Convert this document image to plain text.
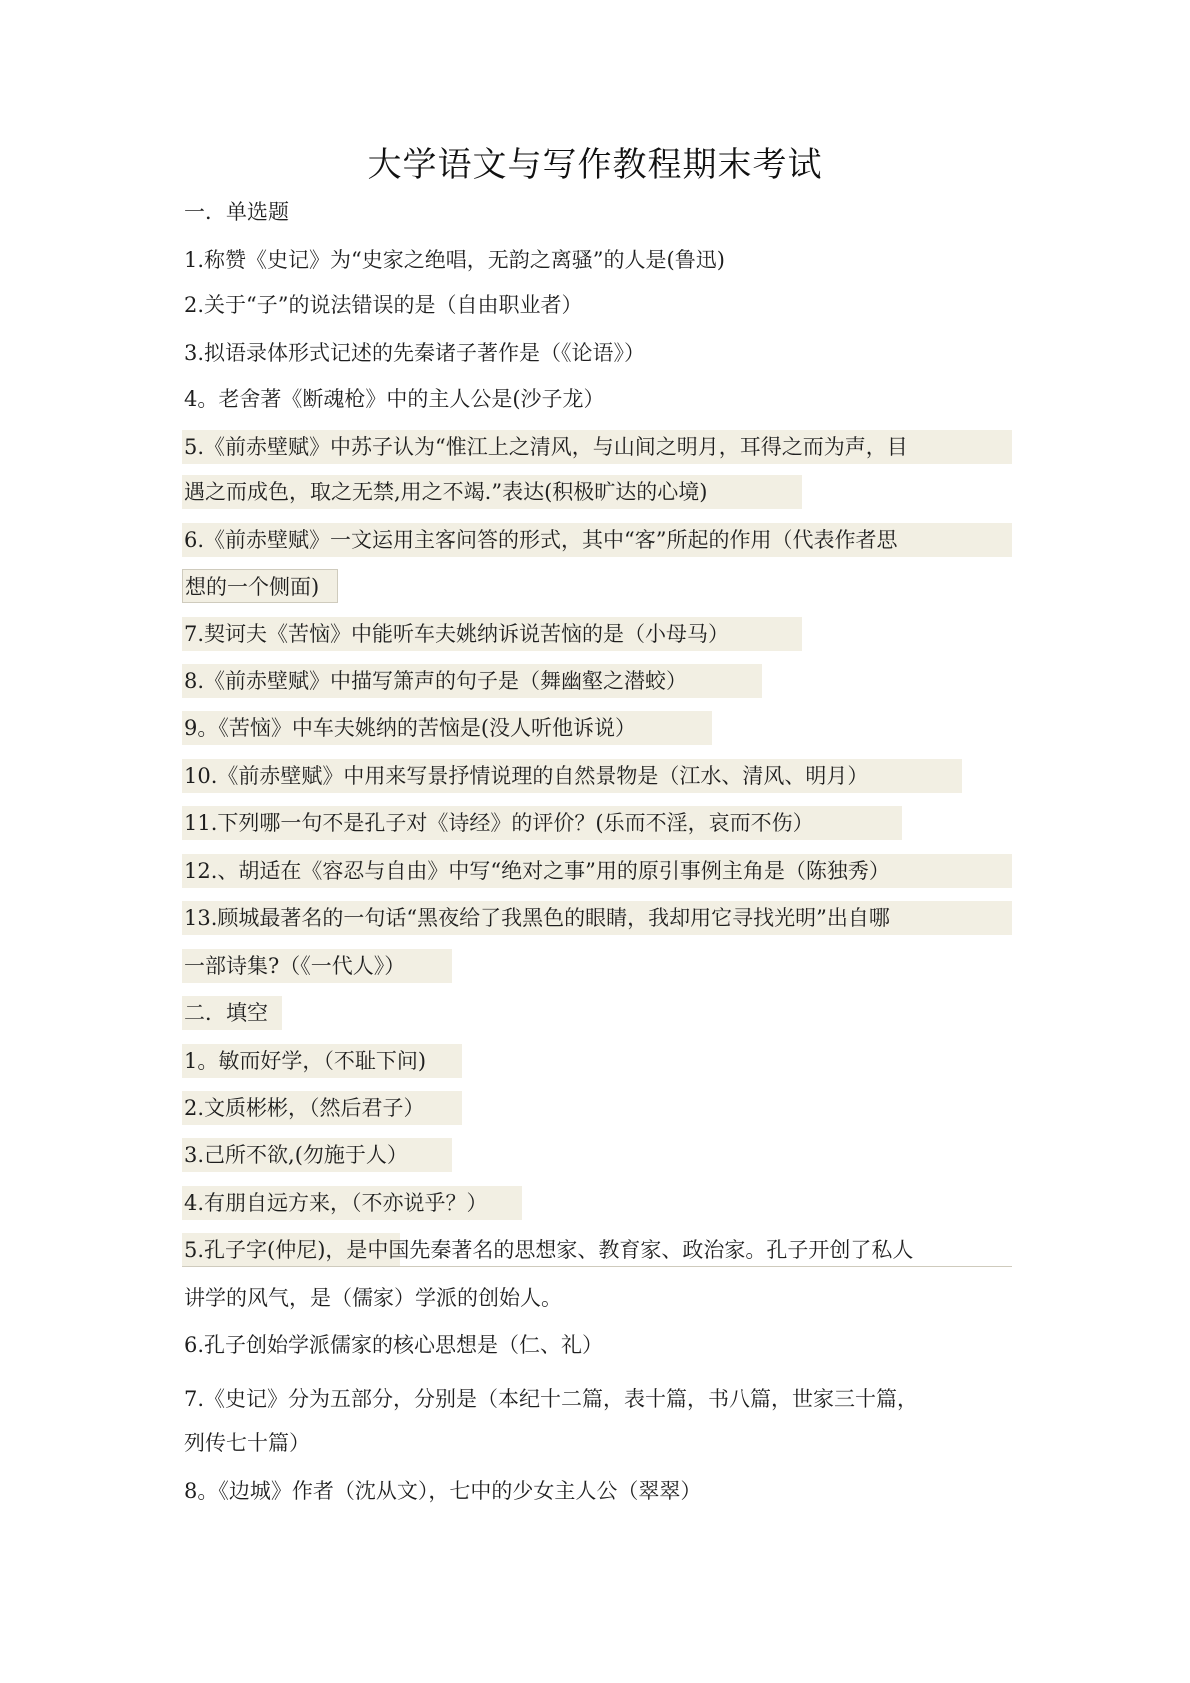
大学语文与写作教程期末考试
一．单选题
1.称赞《史记》为“史家之绝唱，无韵之离骚”的人是(鲁迅)
2.关于“子”的说法错误的是（自由职业者）
3.拟语录体形式记述的先秦诸子著作是（《论语》）
4。老舍著《断魂枪》中的主人公是(沙子龙）
5.《前赤壁赋》中苏子认为“惟江上之清风，与山间之明月，耳得之而为声，目
遇之而成色，取之无禁,用之不竭.”表达(积极旷达的心境)
6.《前赤壁赋》一文运用主客问答的形式，其中“客”所起的作用（代表作者思
想的一个侧面)
7.契诃夫《苦恼》中能听车夫姚纳诉说苦恼的是（小母马）
8.《前赤壁赋》中描写箫声的句子是（舞幽壑之潜蛟）
9。《苦恼》中车夫姚纳的苦恼是(没人听他诉说）
10.《前赤壁赋》中用来写景抒情说理的自然景物是（江水、清风、明月）
11.下列哪一句不是孔子对《诗经》的评价？(乐而不淫，哀而不伤）
12.、胡适在《容忍与自由》中写“绝对之事”用的原引事例主角是（陈独秀）
13.顾城最著名的一句话“黑夜给了我黑色的眼睛，我却用它寻找光明”出自哪
一部诗集?（《一代人》）
二．填空
1。敏而好学，（不耻下问)
2.文质彬彬，（然后君子）
3.己所不欲,(勿施于人）
4.有朋自远方来，（不亦说乎？）
5.孔子字(仲尼)，是中国先秦著名的思想家、教育家、政治家。孔子开创了私人
讲学的风气，是（儒家）学派的创始人。
6.孔子创始学派儒家的核心思想是（仁、礼）
7.《史记》分为五部分，分别是（本纪十二篇，表十篇，书八篇，世家三十篇，
列传七十篇）
8。《边城》作者（沈从文），七中的少女主人公（翠翠）
